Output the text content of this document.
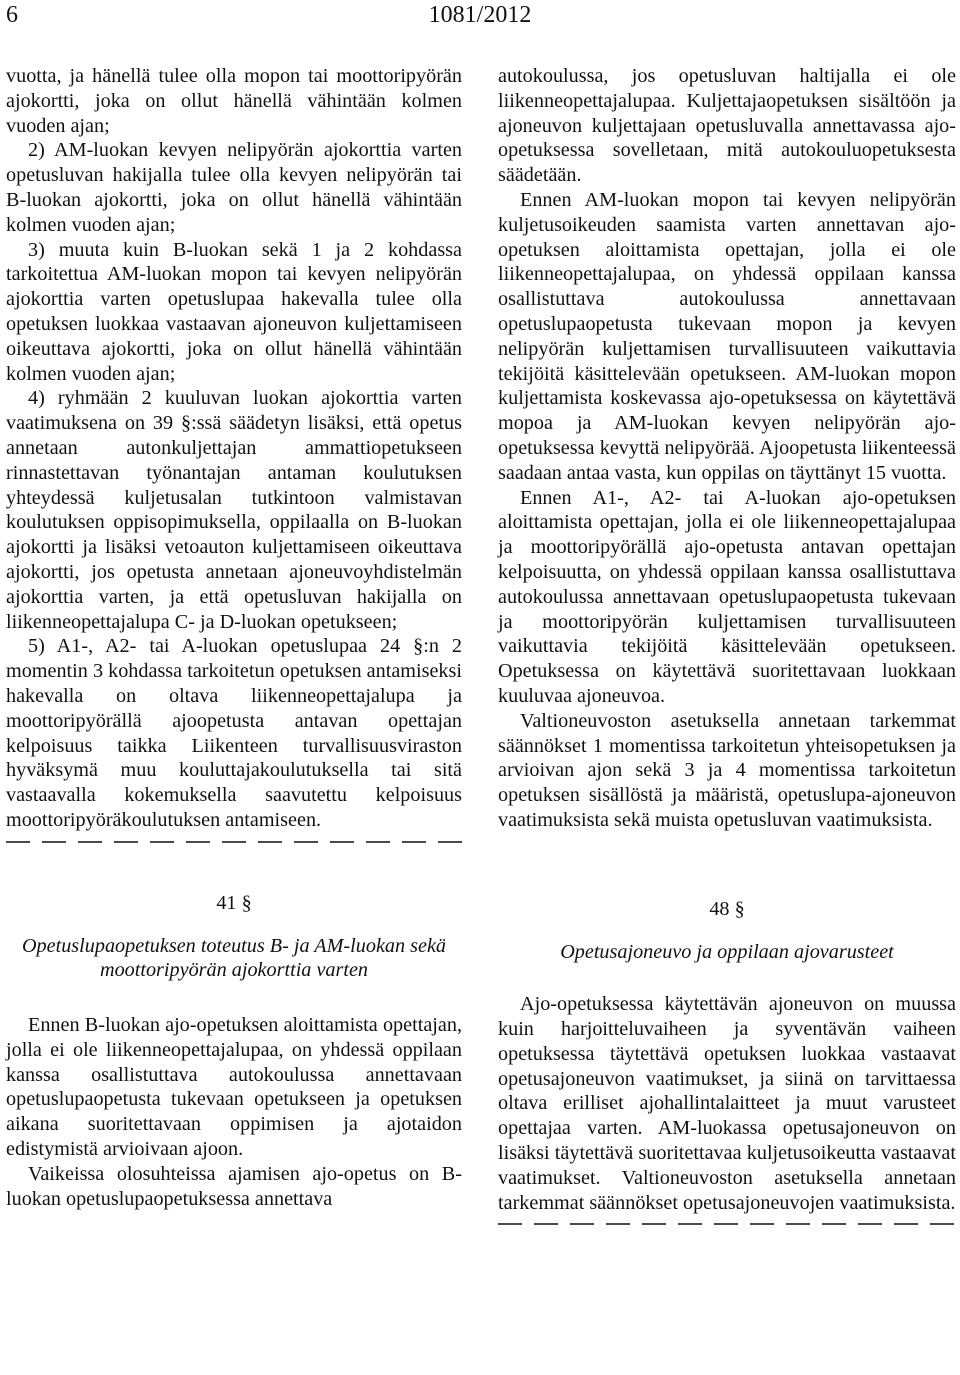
6	1081/2012

vuotta, ja hänellä tulee olla mopon tai moottoripyörän ajokortti, joka on ollut hänellä vähintään kolmen vuoden ajan;

2) AM-luokan kevyen nelipyörän ajokorttia varten opetusluvan hakijalla tulee olla kevyen nelipyörän tai B-luokan ajokortti, joka on ollut hänellä vähintään kolmen vuoden ajan;

3) muuta kuin B-luokan sekä 1 ja 2 kohdassa tarkoitettua AM-luokan mopon tai kevyen nelipyörän ajokorttia varten opetuslupaa hakevalla tulee olla opetuksen luokkaa vastaavan ajoneuvon kuljettamiseen oikeuttava ajokortti, joka on ollut hänellä vähintään kolmen vuoden ajan;

4) ryhmään 2 kuuluvan luokan ajokorttia varten vaatimuksena on 39 §:ssä säädetyn lisäksi, että opetus annetaan autonkuljettajan ammattiopetukseen rinnastettavan työnantajan antaman koulutuksen yhteydessä kuljetusalan tutkintoon valmistavan koulutuksen oppisopimuksella, oppilaalla on B-luokan ajokortti ja lisäksi vetoauton kuljettamiseen oikeuttava ajokortti, jos opetusta annetaan ajoneuvoyhdistelmän ajokorttia varten, ja että opetusluvan hakijalla on liikenneopettajalupa C- ja D-luokan opetukseen;

5) A1-, A2- tai A-luokan opetuslupaa 24 §:n 2 momentin 3 kohdassa tarkoitetun opetuksen antamiseksi hakevalla on oltava liikenneopettajalupa ja moottoripyörällä ajoopetusta antavan opettajan kelpoisuus taikka Liikenteen turvallisuusviraston hyväksymä muu kouluttajakoulutuksella tai sitä vastaavalla kokemuksella saavutettu kelpoisuus moottoripyöräkoulutuksen antamiseen.

41 §
Opetuslupaopetuksen toteutus B- ja AM-luokan sekä moottoripyörän ajokorttia varten

Ennen B-luokan ajo-opetuksen aloittamista opettajan, jolla ei ole liikenneopettajalupaa, on yhdessä oppilaan kanssa osallistuttava autokoulussa annettavaan opetuslupaopetusta tukevaan opetukseen ja opetuksen aikana suoritettavaan oppimisen ja ajotaidon edistymistä arvioivaan ajoon.

Vaikeissa olosuhteissa ajamisen ajo-opetus on B-luokan opetuslupaopetuksessa annettava

autokoulussa, jos opetusluvan haltijalla ei ole liikenneopettajalupaa. Kuljettajaopetuksen sisältöön ja ajoneuvon kuljettajaan opetusluvalla annettavassa ajo-opetuksessa sovelletaan, mitä autokouluopetuksesta säädetään.

Ennen AM-luokan mopon tai kevyen nelipyörän kuljetusoikeuden saamista varten annettavan ajo-opetuksen aloittamista opettajan, jolla ei ole liikenneopettajalupaa, on yhdessä oppilaan kanssa osallistuttava autokoulussa annettavaan opetuslupaopetusta tukevaan mopon ja kevyen nelipyörän kuljettamisen turvallisuuteen vaikuttavia tekijöitä käsittelevään opetukseen. AM-luokan mopon kuljettamista koskevassa ajo-opetuksessa on käytettävä mopoa ja AM-luokan kevyen nelipyörän ajo-opetuksessa kevyttä nelipyörää. Ajoopetusta liikenteessä saadaan antaa vasta, kun oppilas on täyttänyt 15 vuotta.

Ennen A1-, A2- tai A-luokan ajo-opetuksen aloittamista opettajan, jolla ei ole liikenneopettajalupaa ja moottoripyörällä ajo-opetusta antavan opettajan kelpoisuutta, on yhdessä oppilaan kanssa osallistuttava autokoulussa annettavaan opetuslupaopetusta tukevaan ja moottoripyörän kuljettamisen turvallisuuteen vaikuttavia tekijöitä käsittelevään opetukseen. Opetuksessa on käytettävä suoritettavaan luokkaan kuuluvaa ajoneuvoa.

Valtioneuvoston asetuksella annetaan tarkemmat säännökset 1 momentissa tarkoitetun yhteisopetuksen ja arvioivan ajon sekä 3 ja 4 momentissa tarkoitetun opetuksen sisällöstä ja määristä, opetuslupa-ajoneuvon vaatimuksista sekä muista opetusluvan vaatimuksista.

48 §
Opetusajoneuvo ja oppilaan ajovarusteet

Ajo-opetuksessa käytettävän ajoneuvon on muussa kuin harjoitteluvaiheen ja syventävän vaiheen opetuksessa täytettävä opetuksen luokkaa vastaavat opetusajoneuvon vaatimukset, ja siinä on tarvittaessa oltava erilliset ajohallintalaitteet ja muut varusteet opettajaa varten. AM-luokassa opetusajoneuvon on lisäksi täytettävä suoritettavaa kuljetusoikeutta vastaavat vaatimukset. Valtioneuvoston asetuksella annetaan tarkemmat säännökset opetusajoneuvojen vaatimuksista.
